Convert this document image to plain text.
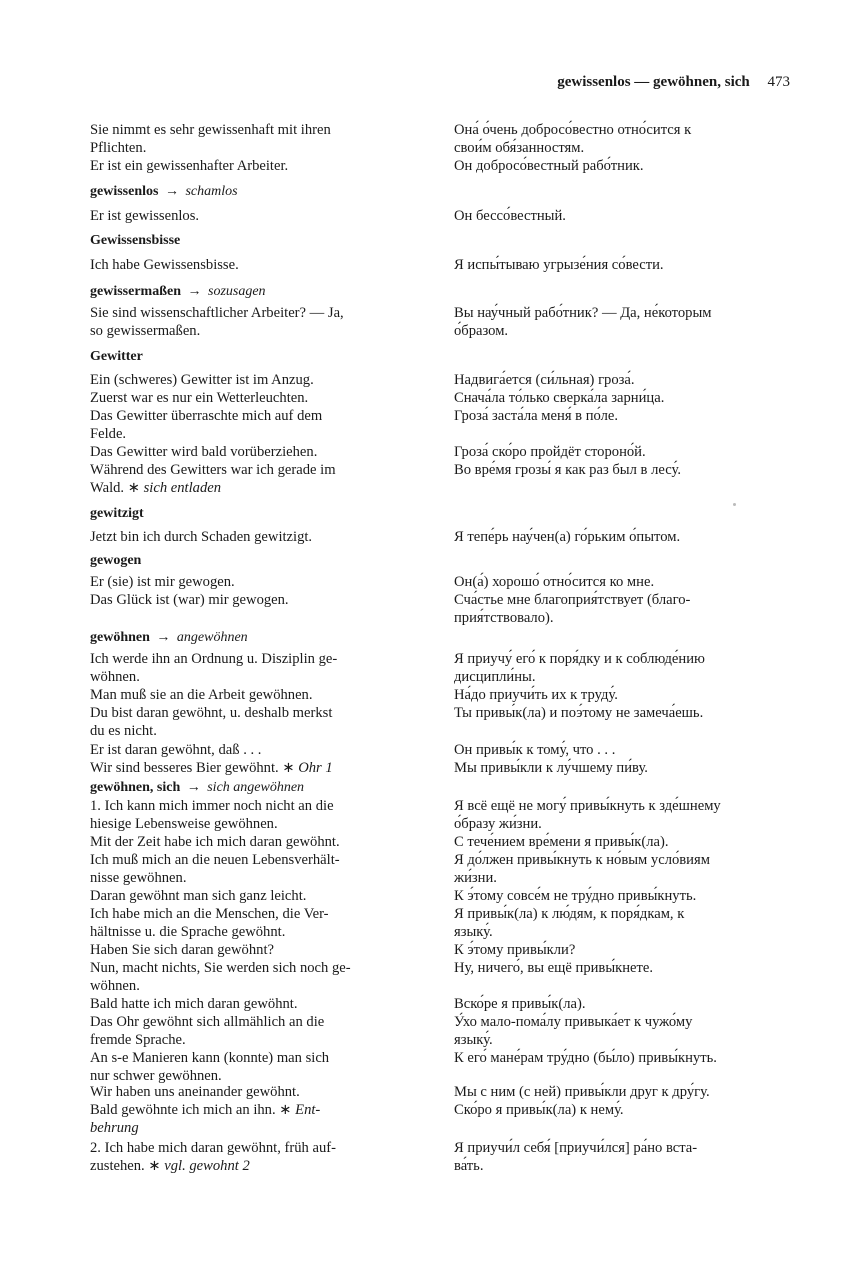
gewissenlos — gewöhnen, sich 473
Sie nimmt es sehr gewissenhaft mit ihren	Она́ о́чень добросо́вестно отно́сится к
Pflichten.	свои́м обя́занностям.
Er ist ein gewissenhafter Arbeiter.	Он добросо́вестный рабо́тник.
gewissenlos → schamlos
Er ist gewissenlos.	Он бессо́вестный.
Gewissensbisse
Ich habe Gewissensbisse.	Я испы́тываю угрызе́ния со́вести.
gewissermaßen → sozusagen
Sie sind wissenschaftlicher Arbeiter? — Ja,	Вы нау́чный рабо́тник? — Да, не́которым
so gewissermaßen.	о́бразом.
Gewitter
Ein (schweres) Gewitter ist im Anzug.	Надвига́ется (си́льная) гроза́.
Zuerst war es nur ein Wetterleuchten.	Снача́ла то́лько сверка́ла зарни́ца.
Das Gewitter überraschte mich auf dem	Гроза́ заста́ла меня́ в по́ле.
Felde.
Das Gewitter wird bald vorüberziehen.	Гроза́ ско́ро пройдёт стороно́й.
Während des Gewitters war ich gerade im	Во вре́мя грозы́ я как раз был в лесу́.
Wald. ∗ sich entladen
gewitzigt
Jetzt bin ich durch Schaden gewitzigt.	Я тепе́рь нау́чен(а) го́рьким о́пытом.
gewogen
Er (sie) ist mir gewogen.	Он(а́) хорошо́ отно́сится ко мне.
Das Glück ist (war) mir gewogen.	Сча́стье мне благоприя́тствует (благо-
прия́тствовало).
gewöhnen → angewöhnen
Ich werde ihn an Ordnung u. Disziplin ge-	Я приучу́ его́ к поря́дку и к соблюде́нию
wöhnen.	дисципли́ны.
Man muß sie an die Arbeit gewöhnen.	На́до приучи́ть их к труду́.
Du bist daran gewöhnt, u. deshalb merkst	Ты привы́к(ла) и поэ́тому не замеча́ешь.
du es nicht.
Er ist daran gewöhnt, daß . . .	Он привы́к к тому́, что . . .
Wir sind besseres Bier gewöhnt. ∗ Ohr 1	Мы привы́кли к лу́чшему пи́ву.
gewöhnen, sich → sich angewöhnen
1. Ich kann mich immer noch nicht an die	Я всё ещё не могу́ привы́кнуть к зде́шнему
hiesige Lebensweise gewöhnen.	о́бразу жи́зни.
Mit der Zeit habe ich mich daran gewöhnt.	С тече́нием вре́мени я привы́к(ла).
Ich muß mich an die neuen Lebensverhält-	Я до́лжен привы́кнуть к но́вым усло́виям
nisse gewöhnen.	жи́зни.
Daran gewöhnt man sich ganz leicht.	К э́тому совсе́м не тру́дно привы́кнуть.
Ich habe mich an die Menschen, die Ver-	Я привы́к(ла) к лю́дям, к поря́дкам, к
hältnisse u. die Sprache gewöhnt.	языку́.
Haben Sie sich daran gewöhnt?	К э́тому привы́кли?
Nun, macht nichts, Sie werden sich noch ge-	Ну, ничего́, вы ещё привы́кнете.
wöhnen.
Bald hatte ich mich daran gewöhnt.	Вско́ре я привы́к(ла).
Das Ohr gewöhnt sich allmählich an die	У́хо мало-пома́лу привыка́ет к чужо́му
fremde Sprache.	языку́.
An s-e Manieren kann (konnte) man sich	К его́ мане́рам тру́дно (бы́ло) привы́кнуть.
nur schwer gewöhnen.
Wir haben uns aneinander gewöhnt.	Мы с ним (с ней) привы́кли друг к дру́гу.
Bald gewöhnte ich mich an ihn. ∗ Ent-	Ско́ро я привы́к(ла) к нему́.
behrung
2. Ich habe mich daran gewöhnt, früh auf-	Я приучи́л себя́ [приучи́лся] ра́но вста-
zustehen. ∗ vgl. gewohnt 2	ва́ть.
